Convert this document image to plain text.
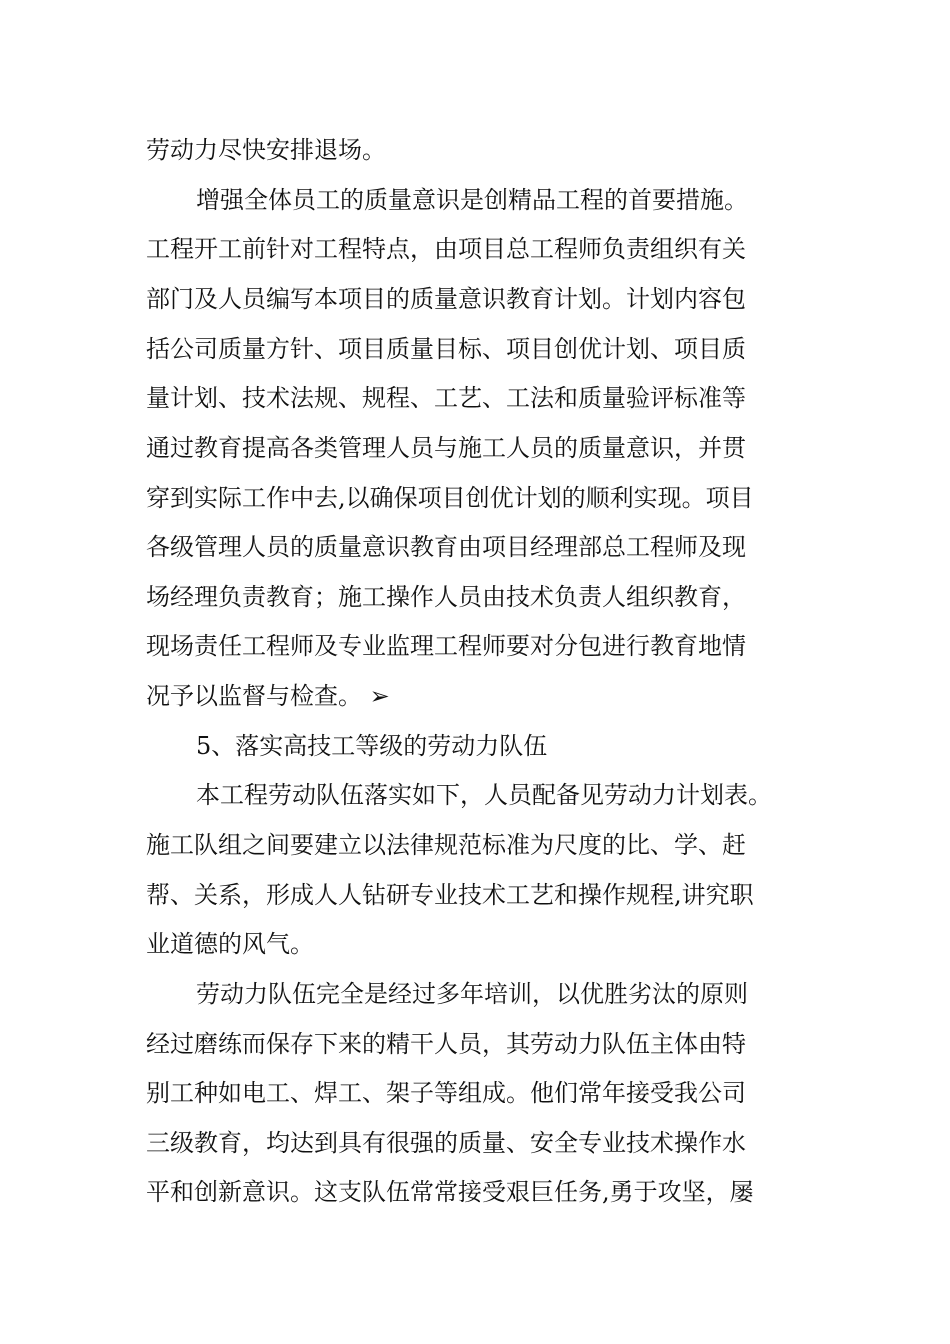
劳动力尽快安排退场。
增强全体员工的质量意识是创精品工程的首要措施。
工程开工前针对工程特点，由项目总工程师负责组织有关
部门及人员编写本项目的质量意识教育计划。计划内容包
括公司质量方针、项目质量目标、项目创优计划、项目质
量计划、技术法规、规程、工艺、工法和质量验评标准等
通过教育提高各类管理人员与施工人员的质量意识，并贯
穿到实际工作中去,以确保项目创优计划的顺利实现。项目
各级管理人员的质量意识教育由项目经理部总工程师及现
场经理负责教育；施工操作人员由技术负责人组织教育，
现场责任工程师及专业监理工程师要对分包进行教育地情
况予以监督与检查。 ➢
5、落实高技工等级的劳动力队伍
本工程劳动队伍落实如下，人员配备见劳动力计划表。
施工队组之间要建立以法律规范标准为尺度的比、学、赶
帮、关系，形成人人钻研专业技术工艺和操作规程,讲究职
业道德的风气。
劳动力队伍完全是经过多年培训，以优胜劣汰的原则
经过磨练而保存下来的精干人员，其劳动力队伍主体由特
别工种如电工、焊工、架子等组成。他们常年接受我公司
三级教育，均达到具有很强的质量、安全专业技术操作水
平和创新意识。这支队伍常常接受艰巨任务,勇于攻坚，屡
